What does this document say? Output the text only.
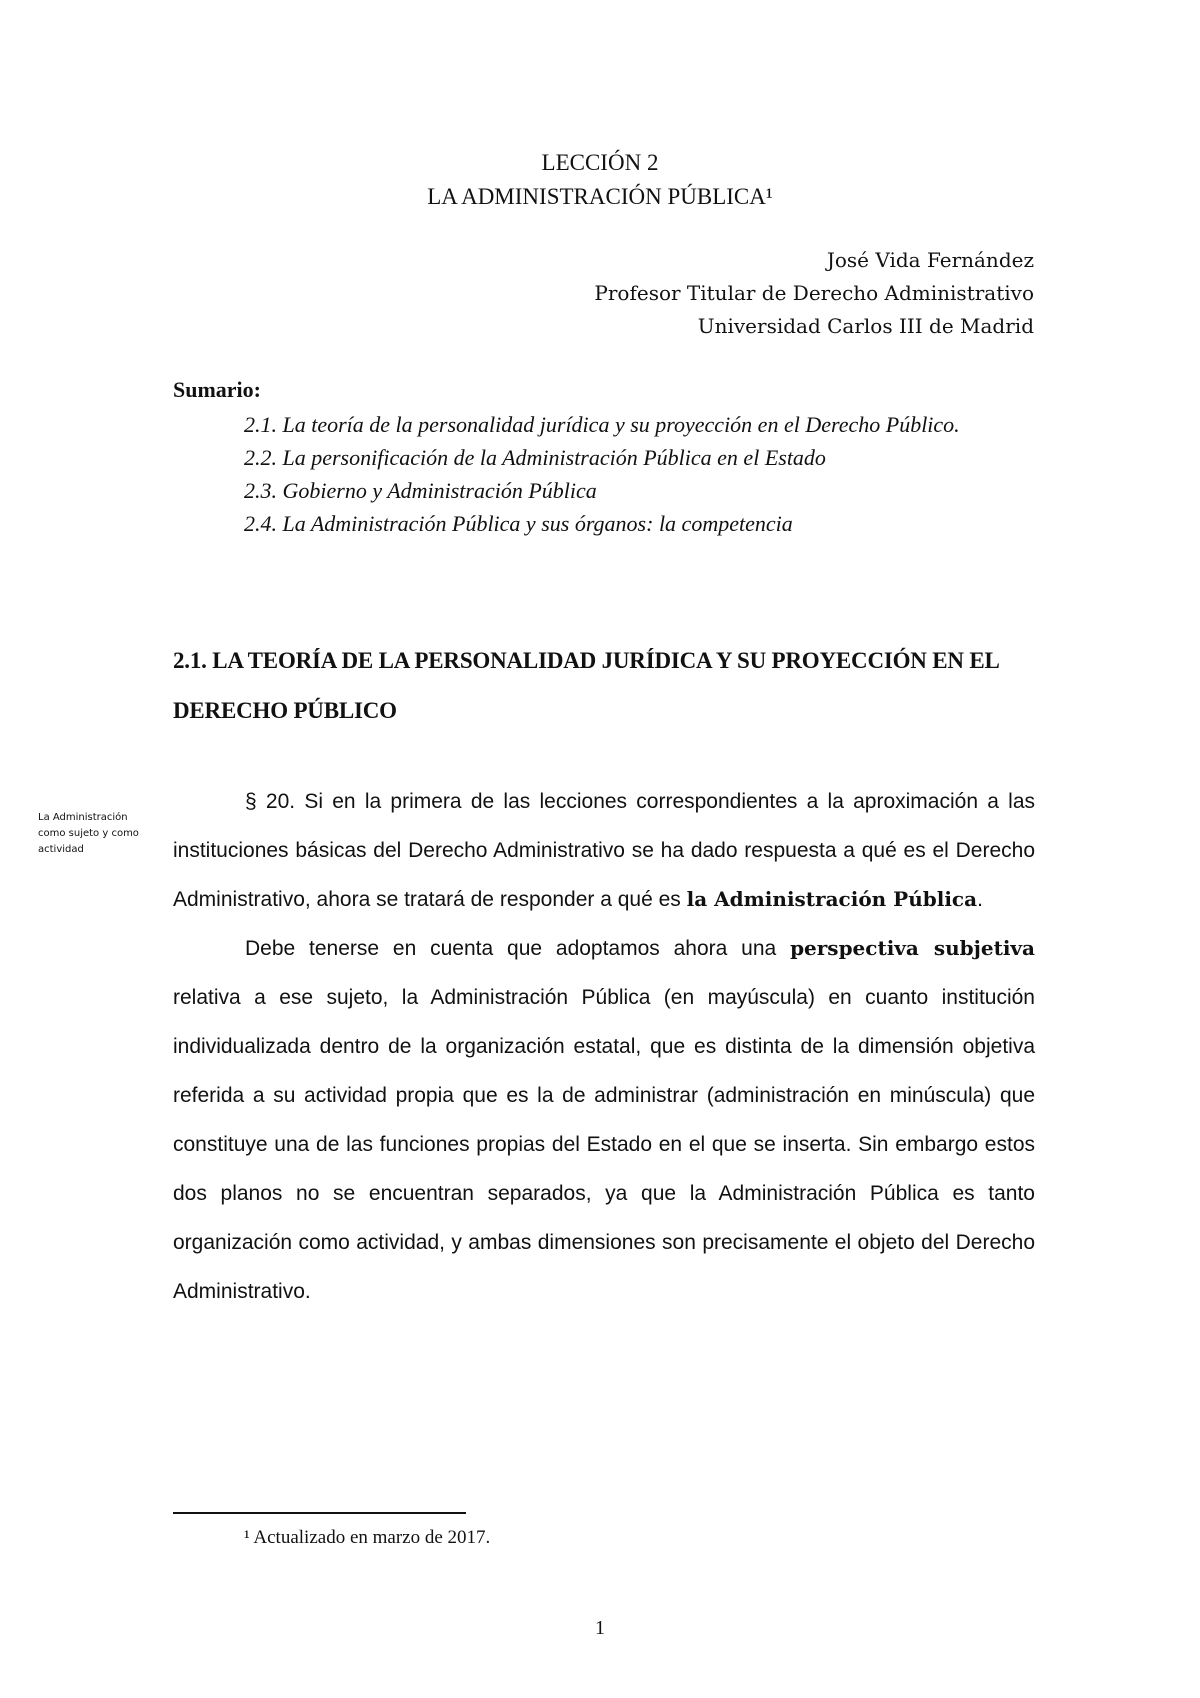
LECCIÓN 2
LA ADMINISTRACIÓN PÚBLICA¹
José Vida Fernández
Profesor Titular de Derecho Administrativo
Universidad Carlos III de Madrid
Sumario:
2.1. La teoría de la personalidad jurídica y su proyección en el Derecho Público.
2.2. La personificación de la Administración Pública en el Estado
2.3. Gobierno y Administración Pública
2.4. La Administración Pública y sus órganos: la competencia
2.1. LA TEORÍA DE LA PERSONALIDAD JURÍDICA Y SU PROYECCIÓN EN EL DERECHO PÚBLICO
La Administración como sujeto y como actividad

§ 20. Si en la primera de las lecciones correspondientes a la aproximación a las instituciones básicas del Derecho Administrativo se ha dado respuesta a qué es el Derecho Administrativo, ahora se tratará de responder a qué es la Administración Pública.

Debe tenerse en cuenta que adoptamos ahora una perspectiva subjetiva relativa a ese sujeto, la Administración Pública (en mayúscula) en cuanto institución individualizada dentro de la organización estatal, que es distinta de la dimensión objetiva referida a su actividad propia que es la de administrar (administración en minúscula) que constituye una de las funciones propias del Estado en el que se inserta. Sin embargo estos dos planos no se encuentran separados, ya que la Administración Pública es tanto organización como actividad, y ambas dimensiones son precisamente el objeto del Derecho Administrativo.

¹ Actualizado en marzo de 2017.
1
